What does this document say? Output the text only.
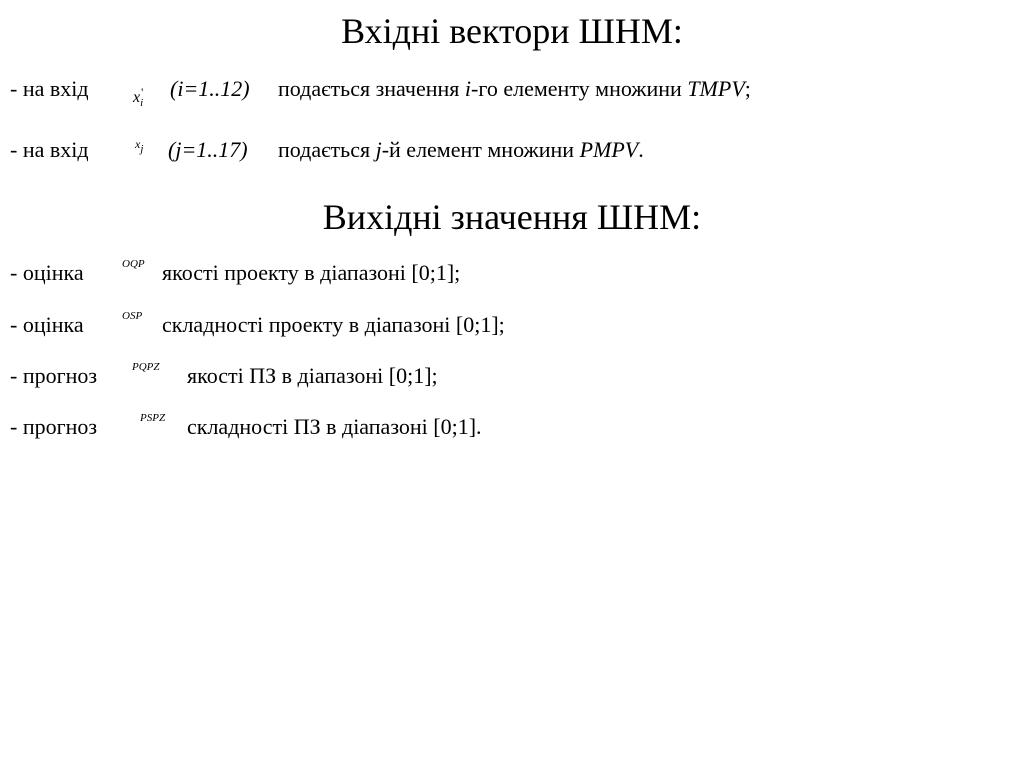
Вхідні вектори ШНМ:
- на вхід	$x_i'$ (i=1..12) подається значення i-го елементу множини TMPV;
- на вхід	$x_j$ (j=1..17) подається j-й елемент множини PMPV.
Вихідні значення ШНМ:
- оцінка	OQP якості проекту в діапазоні [0;1];
- оцінка	OSP складності проекту в діапазоні [0;1];
- прогноз	PQPZ якості ПЗ в діапазоні [0;1];
- прогноз	PSPZ складності ПЗ в діапазоні [0;1].
